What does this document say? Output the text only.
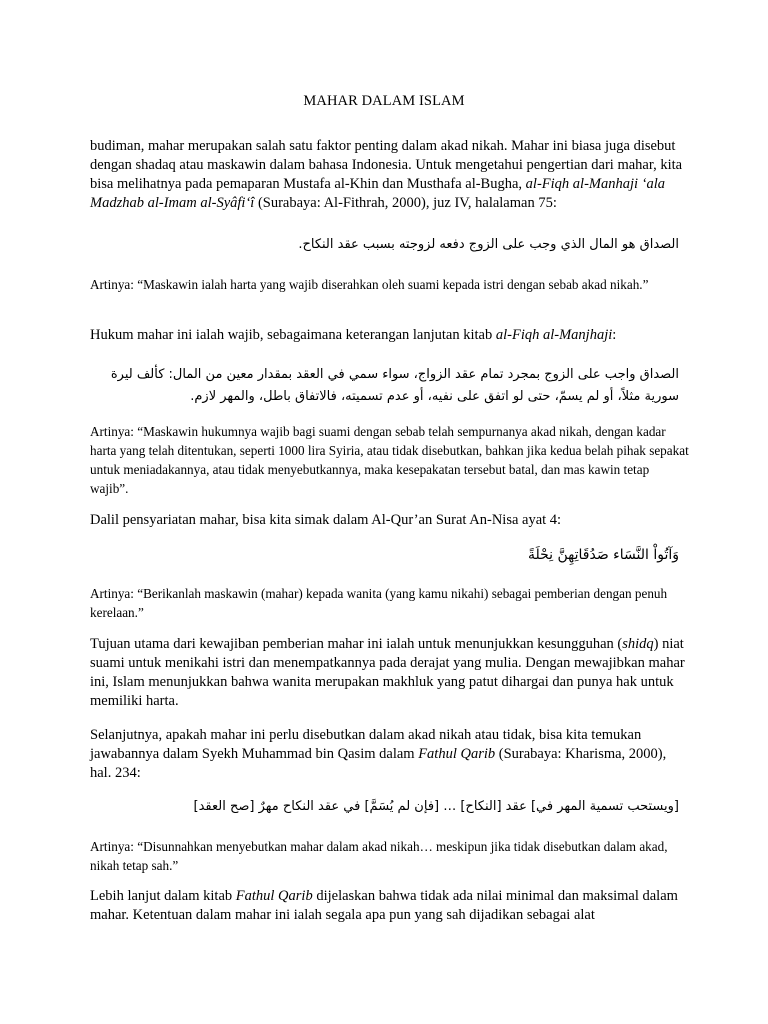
MAHAR DALAM ISLAM
budiman, mahar merupakan salah satu faktor penting dalam akad nikah. Mahar ini biasa juga disebut dengan shadaq atau maskawin dalam bahasa Indonesia. Untuk mengetahui pengertian dari mahar, kita bisa melihatnya pada pemaparan Mustafa al-Khin dan Musthafa al-Bugha, al-Fiqh al-Manhaji ‘ala Madzhab al-Imam al-Syâfi‘î (Surabaya: Al-Fithrah, 2000), juz IV, halalaman 75:
الصداق هو المال الذي وجب على الزوج دفعه لزوجته بسبب عقد النكاح.
Artinya: “Maskawin ialah harta yang wajib diserahkan oleh suami kepada istri dengan sebab akad nikah.”
Hukum mahar ini ialah wajib, sebagaimana keterangan lanjutan kitab al-Fiqh al-Manjhaji:
الصداق واجب على الزوج بمجرد تمام عقد الزواج، سواء سمي في العقد بمقدار معين من المال: كألف ليرة
سورية مثلاً، أو لم يسمّ، حتى لو اتفق على نفيه، أو عدم تسميته، فالاتفاق باطل، والمهر لازم.
Artinya: “Maskawin hukumnya wajib bagi suami dengan sebab telah sempurnanya akad nikah, dengan kadar harta yang telah ditentukan, seperti 1000 lira Syiria, atau tidak disebutkan, bahkan jika kedua belah pihak sepakat untuk meniadakannya, atau tidak menyebutkannya, maka kesepakatan tersebut batal, dan mas kawin tetap wajib”.
Dalil pensyariatan mahar, bisa kita simak dalam Al-Qur’an Surat An-Nisa ayat 4:
وَآتُواْ النَّسَاء صَدُقَاتِهِنَّ نِحْلَةً
Artinya: “Berikanlah maskawin (mahar) kepada wanita (yang kamu nikahi) sebagai pemberian dengan penuh kerelaan.”
Tujuan utama dari kewajiban pemberian mahar ini ialah untuk menunjukkan kesungguhan (shidq) niat suami untuk menikahi istri dan menempatkannya pada derajat yang mulia. Dengan mewajibkan mahar ini, Islam menunjukkan bahwa wanita merupakan makhluk yang patut dihargai dan punya hak untuk memiliki harta.
Selanjutnya, apakah mahar ini perlu disebutkan dalam akad nikah atau tidak, bisa kita temukan jawabannya dalam Syekh Muhammad bin Qasim dalam Fathul Qarib (Surabaya: Kharisma, 2000), hal. 234:
[ويستحب تسمية المهر في] عقد [النكاح] … [فإن لم يُسَمَّ] في عقد النكاح مهرٌ [صح العقد]
Artinya: “Disunnahkan menyebutkan mahar dalam akad nikah… meskipun jika tidak disebutkan dalam akad, nikah tetap sah.”
Lebih lanjut dalam kitab Fathul Qarib dijelaskan bahwa tidak ada nilai minimal dan maksimal dalam mahar. Ketentuan dalam mahar ini ialah segala apa pun yang sah dijadikan sebagai alat
